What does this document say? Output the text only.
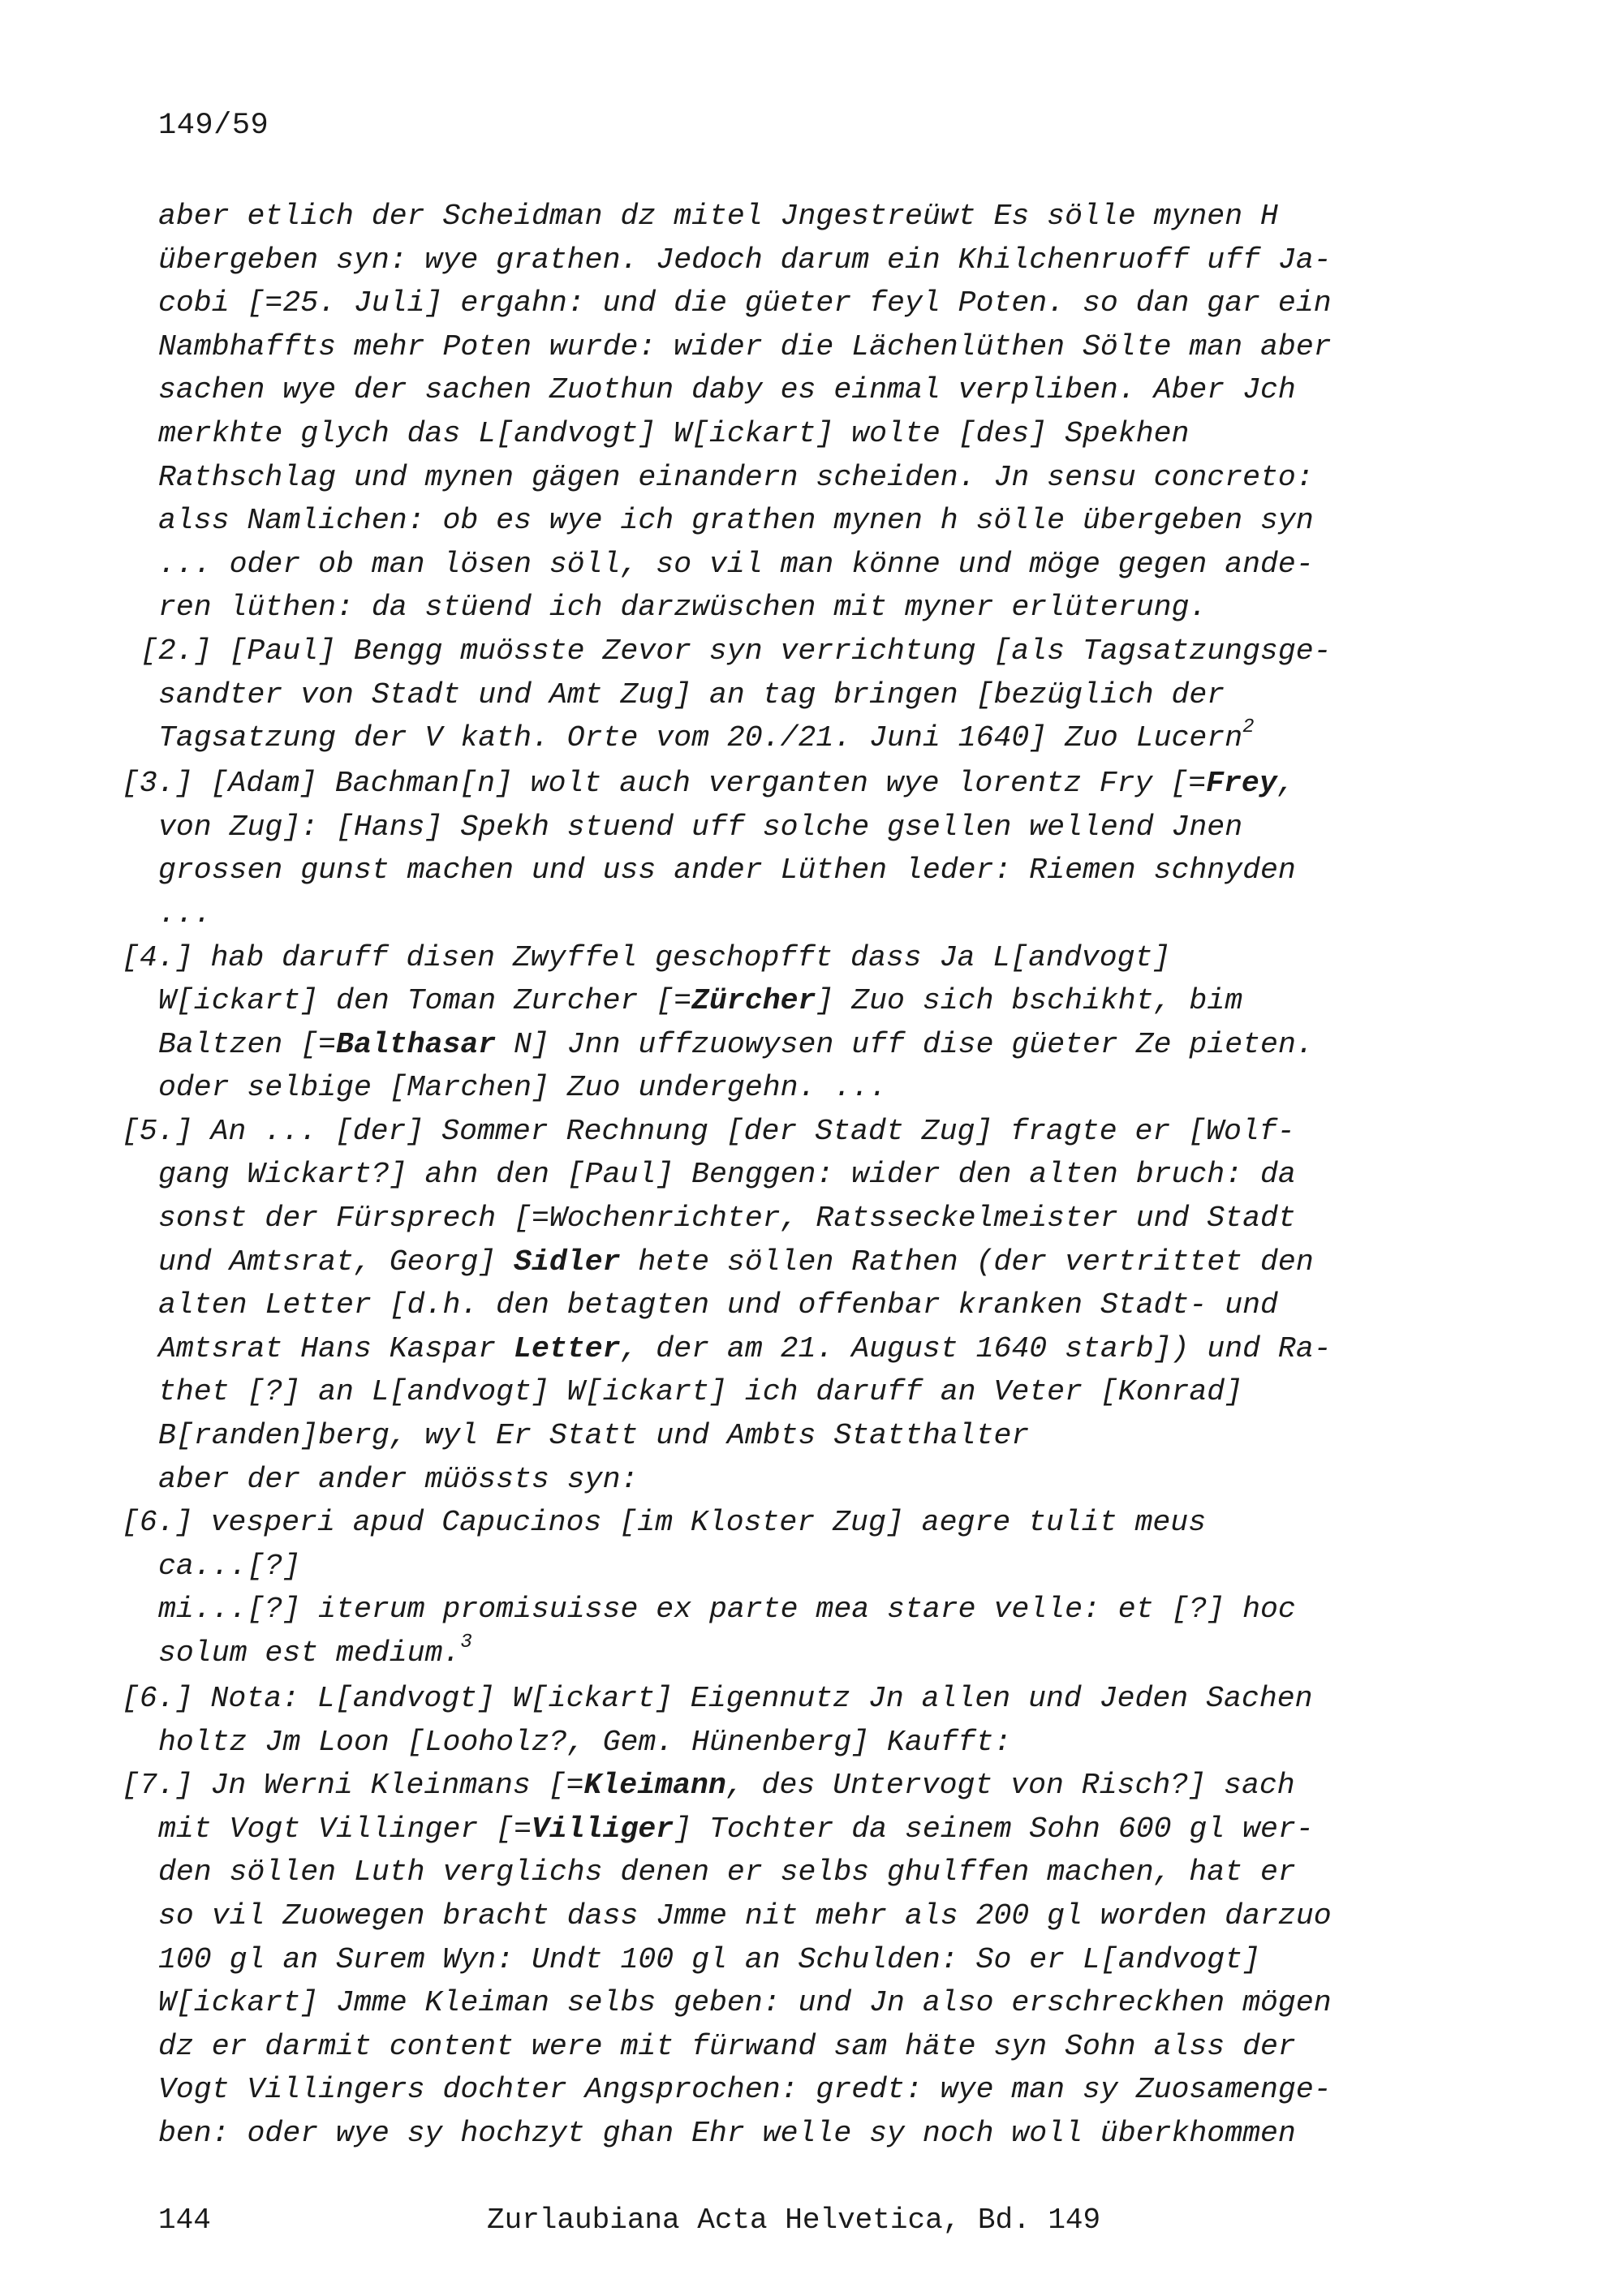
149/59
aber etlich der Scheidman dz mitel Jngestreüwt Es sölle mynen H
übergeben syn: wye grathen. Jedoch darum ein Khilchenruoff uff Ja-
cobi [=25. Juli] ergahn: und die güeter feyl Poten. so dan gar ein
Nambhaffts mehr Poten wurde: wider die Lächenlüthen Sölte man aber
sachen wye der sachen Zuothun daby es einmal verpliben. Aber Jch
merkhte glych das L[andvogt] W[ickart] wolte [des] Spekhen
Rathschlag und mynen gägen einandern scheiden. Jn sensu concreto:
alss Namlichen: ob es wye ich grathen mynen h sölle übergeben syn
... oder ob man lösen söll, so vil man könne und möge gegen ande-
ren lüthen: da stüend ich darzwüschen mit myner erlüterung.
[2.] [Paul] Bengg muösste Zevor syn verrichtung [als Tagsatzungsge-
sandter von Stadt und Amt Zug] an tag bringen [bezüglich der
Tagsatzung der V kath. Orte vom 20./21. Juni 1640] Zuo Lucern$^2$
[3.] [Adam] Bachman[n] wolt auch verganten wye lorentz Fry [=Frey,
von Zug]: [Hans] Spekh stuend uff solche gsellen wellend Jnen
grossen gunst machen und uss ander Lüthen leder: Riemen schnyden
...
[4.] hab daruff disen Zwyffel geschopfft dass Ja L[andvogt]
W[ickart] den Toman Zurcher [=Zürcher] Zuo sich bschikht, bim
Baltzen [=Balthasar N] Jnn uffzuowysen uff dise güeter Ze pieten.
oder selbige [Marchen] Zuo undergehn. ...
[5.] An ... [der] Sommer Rechnung [der Stadt Zug] fragte er [Wolf-
gang Wickart?] ahn den [Paul] Benggen: wider den alten bruch: da
sonst der Fürsprech [=Wochenrichter, Ratsseckelmeister und Stadt
und Amtsrat, Georg] Sidler hete söllen Rathen (der vertrittet den
alten Letter [d.h. den betagten und offenbar kranken Stadt- und
Amtsrat Hans Kaspar Letter, der am 21. August 1640 starb]) und Ra-
thet [?] an L[andvogt] W[ickart] ich daruff an Veter [Konrad]
B[randen]berg, wyl Er Statt und Ambts Statthalter
aber der ander müössts syn:
[6.] vesperi apud Capucinos [im Kloster Zug] aegre tulit meus
ca...[?]
mi...[?] iterum promisuisse ex parte mea stare velle: et [?] hoc
solum est medium.$^3$
[6.] Nota: L[andvogt] W[ickart] Eigennutz Jn allen und Jeden Sachen
holtz Jm Loon [Looholz?, Gem. Hünenberg] Kaufft:
[7.] Jn Werni Kleinmans [=Kleimann, des Untervogt von Risch?] sach
mit Vogt Villinger [=Villiger] Tochter da seinem Sohn 600 gl wer-
den söllen Luth verglichs denen er selbs ghulffen machen, hat er
so vil Zuowegen bracht dass Jmme nit mehr als 200 gl worden darzuo
100 gl an Surem Wyn: Undt 100 gl an Schulden: So er L[andvogt]
W[ickart] Jmme Kleiman selbs geben: und Jn also erschreckhen mögen
dz er darmit content were mit fürwand sam häte syn Sohn alss der
Vogt Villingers dochter Angsprochen: gredt: wye man sy Zuosamenge-
ben: oder wye sy hochzyt ghan Ehr welle sy noch woll überkhommen
144	Zurlaubiana Acta Helvetica, Bd. 149
